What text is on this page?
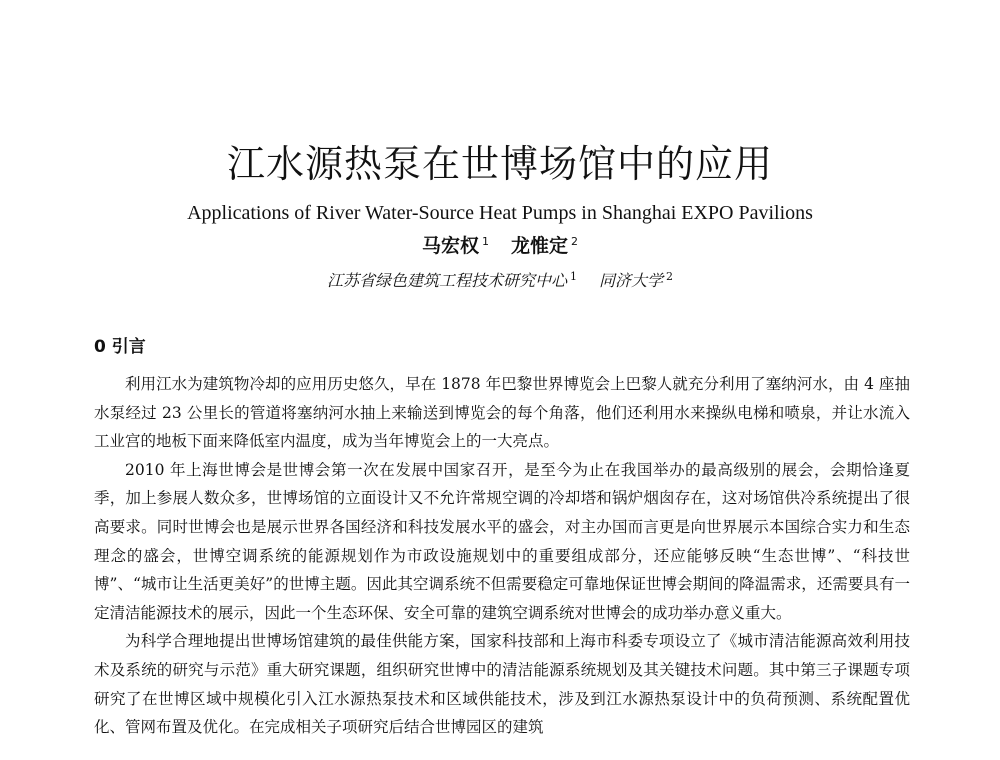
江水源热泵在世博场馆中的应用
Applications of River Water-Source Heat Pumps in Shanghai EXPO Pavilions
马宏权 $^1$ 龙惟定 $^2$
江苏省绿色建筑工程技术研究中心 $^1$ 同济大学 $^2$
0 引言

利用江水为建筑物冷却的应用历史悠久，早在 1878 年巴黎世界博览会上巴黎人就充分利用了塞纳河水，由 4 座抽水泵经过 23 公里长的管道将塞纳河水抽上来输送到博览会的每个角落，他们还利用水来操纵电梯和喷泉，并让水流入工业宫的地板下面来降低室内温度，成为当年博览会上的一大亮点。

2010 年上海世博会是世博会第一次在发展中国家召开，是至今为止在我国举办的最高级别的展会，会期恰逢夏季，加上参展人数众多，世博场馆的立面设计又不允许常规空调的冷却塔和锅炉烟囱存在，这对场馆供冷系统提出了很高要求。同时世博会也是展示世界各国经济和科技发展水平的盛会，对主办国而言更是向世界展示本国综合实力和生态理念的盛会，世博空调系统的能源规划作为市政设施规划中的重要组成部分，还应能够反映“生态世博”、“科技世博”、“城市让生活更美好”的世博主题。因此其空调系统不但需要稳定可靠地保证世博会期间的降温需求，还需要具有一定清洁能源技术的展示，因此一个生态环保、安全可靠的建筑空调系统对世博会的成功举办意义重大。

为科学合理地提出世博场馆建筑的最佳供能方案，国家科技部和上海市科委专项设立了《城市清洁能源高效利用技术及系统的研究与示范》重大研究课题，组织研究世博中的清洁能源系统规划及其关键技术问题。其中第三子课题专项研究了在世博区域中规模化引入江水源热泵技术和区域供能技术，涉及到江水源热泵设计中的负荷预测、系统配置优化、管网布置及优化。在完成相关子项研究后结合世博园区的建筑
